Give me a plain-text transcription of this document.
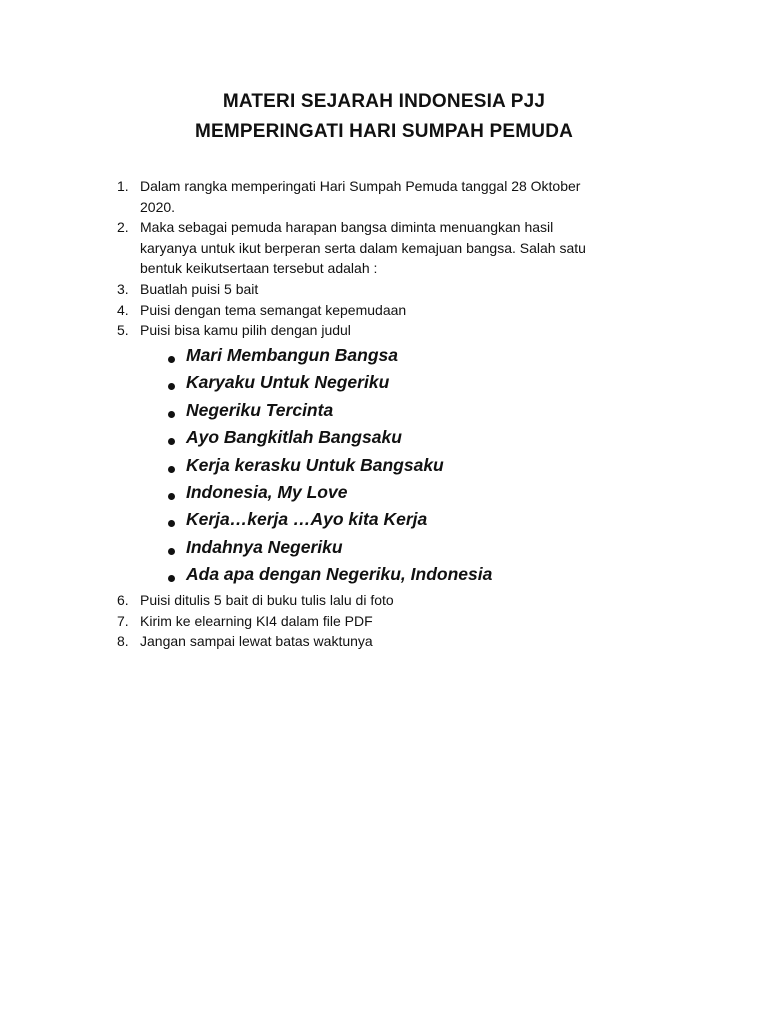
MATERI SEJARAH INDONESIA PJJ
MEMPERINGATI HARI SUMPAH PEMUDA
1. Dalam rangka memperingati Hari Sumpah Pemuda tanggal 28 Oktober
2020.
2. Maka sebagai pemuda harapan bangsa diminta menuangkan hasil
karyanya untuk ikut berperan serta dalam kemajuan bangsa. Salah satu
bentuk keikutsertaan tersebut adalah :
3. Buatlah puisi 5 bait
4. Puisi dengan tema semangat kepemudaan
5. Puisi bisa kamu pilih dengan judul
Mari Membangun Bangsa
Karyaku Untuk Negeriku
Negeriku Tercinta
Ayo Bangkitlah Bangsaku
Kerja kerasku Untuk Bangsaku
Indonesia, My Love
Kerja…kerja …Ayo kita Kerja
Indahnya Negeriku
Ada apa dengan Negeriku, Indonesia
6. Puisi ditulis 5 bait di buku tulis lalu di foto
7. Kirim ke elearning KI4 dalam file PDF
8. Jangan sampai lewat batas waktunya
